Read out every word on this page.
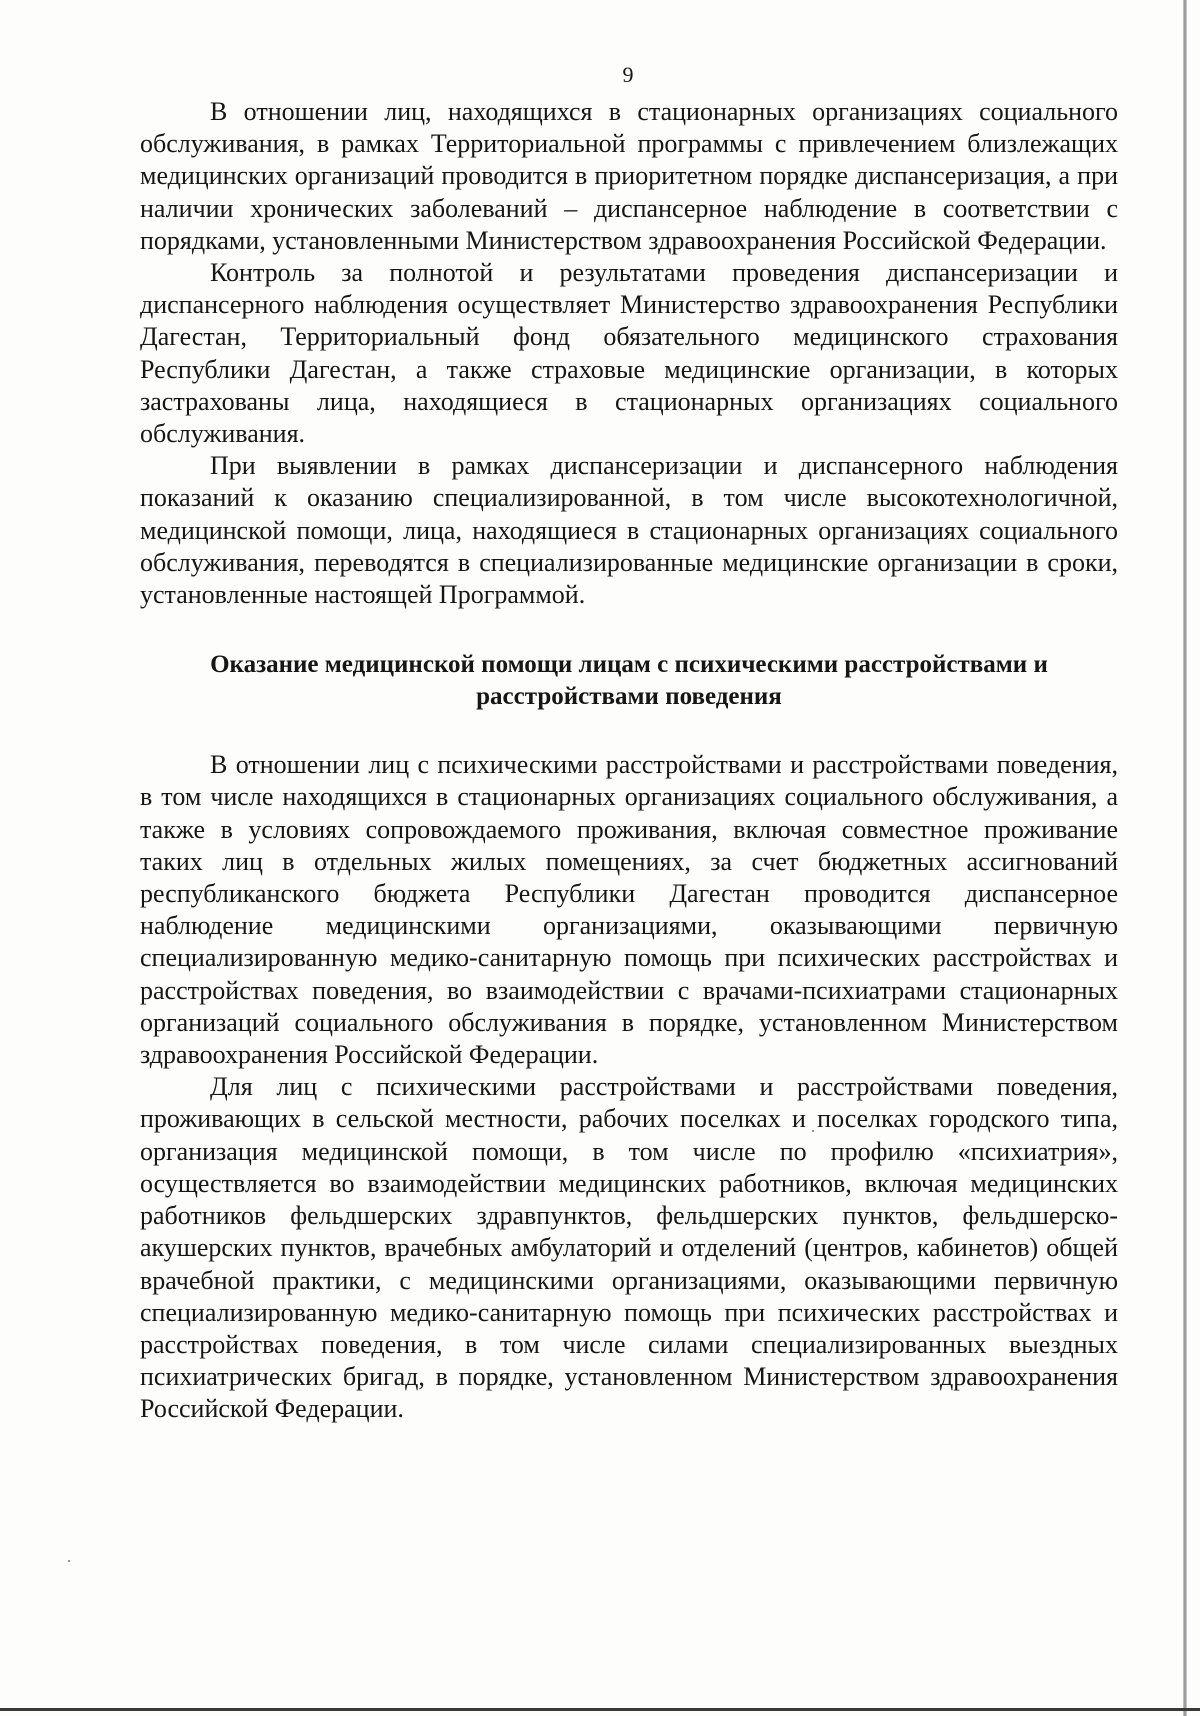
9

В отношении лиц, находящихся в стационарных организациях социального обслуживания, в рамках Территориальной программы с привлечением близлежащих медицинских организаций проводится в приоритетном порядке диспансеризация, а при наличии хронических заболеваний – диспансерное наблюдение в соответствии с порядками, установленными Министерством здравоохранения Российской Федерации.

Контроль за полнотой и результатами проведения диспансеризации и диспансерного наблюдения осуществляет Министерство здравоохранения Республики Дагестан, Территориальный фонд обязательного медицинского страхования Республики Дагестан, а также страховые медицинские организации, в которых застрахованы лица, находящиеся в стационарных организациях социального обслуживания.

При выявлении в рамках диспансеризации и диспансерного наблюдения показаний к оказанию специализированной, в том числе высокотехнологичной, медицинской помощи, лица, находящиеся в стационарных организациях социального обслуживания, переводятся в специализированные медицинские организации в сроки, установленные настоящей Программой.

Оказание медицинской помощи лицам с психическими расстройствами и расстройствами поведения

В отношении лиц с психическими расстройствами и расстройствами поведения, в том числе находящихся в стационарных организациях социального обслуживания, а также в условиях сопровождаемого проживания, включая совместное проживание таких лиц в отдельных жилых помещениях, за счет бюджетных ассигнований республиканского бюджета Республики Дагестан проводится диспансерное наблюдение медицинскими организациями, оказывающими первичную специализированную медико-санитарную помощь при психических расстройствах и расстройствах поведения, во взаимодействии с врачами-психиатрами стационарных организаций социального обслуживания в порядке, установленном Министерством здравоохранения Российской Федерации.

Для лиц с психическими расстройствами и расстройствами поведения, проживающих в сельской местности, рабочих поселках и поселках городского типа, организация медицинской помощи, в том числе по профилю «психиатрия», осуществляется во взаимодействии медицинских работников, включая медицинских работников фельдшерских здравпунктов, фельдшерских пунктов, фельдшерско-акушерских пунктов, врачебных амбулаторий и отделений (центров, кабинетов) общей врачебной практики, с медицинскими организациями, оказывающими первичную специализированную медико-санитарную помощь при психических расстройствах и расстройствах поведения, в том числе силами специализированных выездных психиатрических бригад, в порядке, установленном Министерством здравоохранения Российской Федерации.
